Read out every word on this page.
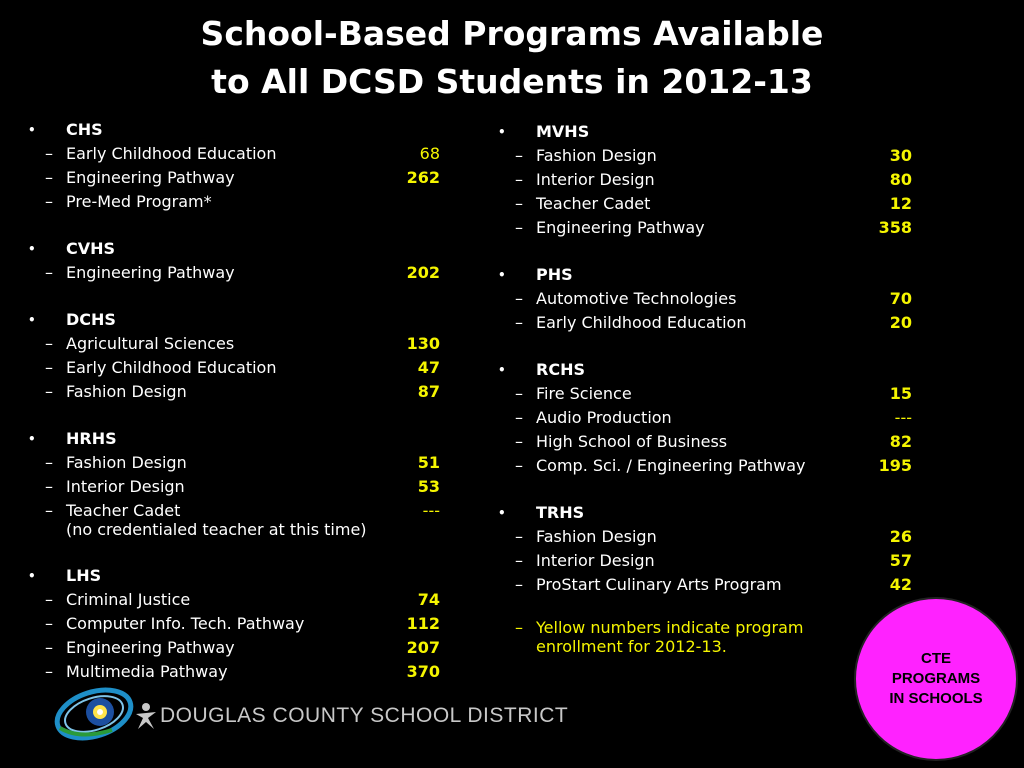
School-Based Programs Available
to All DCSD Students in 2012-13
• CHS
– Early Childhood Education	68
– Engineering Pathway	262
– Pre-Med Program*
• CVHS
– Engineering Pathway	202
• DCHS
– Agricultural Sciences	130
– Early Childhood Education	47
– Fashion Design	87
• HRHS
– Fashion Design	51
– Interior Design	53
– Teacher Cadet	---
(no credentialed teacher at this time)
• LHS
– Criminal Justice	74
– Computer Info. Tech. Pathway	112
– Engineering Pathway	207
– Multimedia Pathway	370
• MVHS
– Fashion Design	30
– Interior Design	80
– Teacher Cadet	12
– Engineering Pathway	358
• PHS
– Automotive Technologies	70
– Early Childhood Education	20
• RCHS
– Fire Science	15
– Audio Production	---
– High School of Business	82
– Comp. Sci. / Engineering Pathway	195
• TRHS
– Fashion Design	26
– Interior Design	57
– ProStart Culinary Arts Program	42
– Yellow numbers indicate program enrollment for 2012-13.
DOUGLAS COUNTY SCHOOL DISTRICT
CTE
PROGRAMS
IN SCHOOLS
